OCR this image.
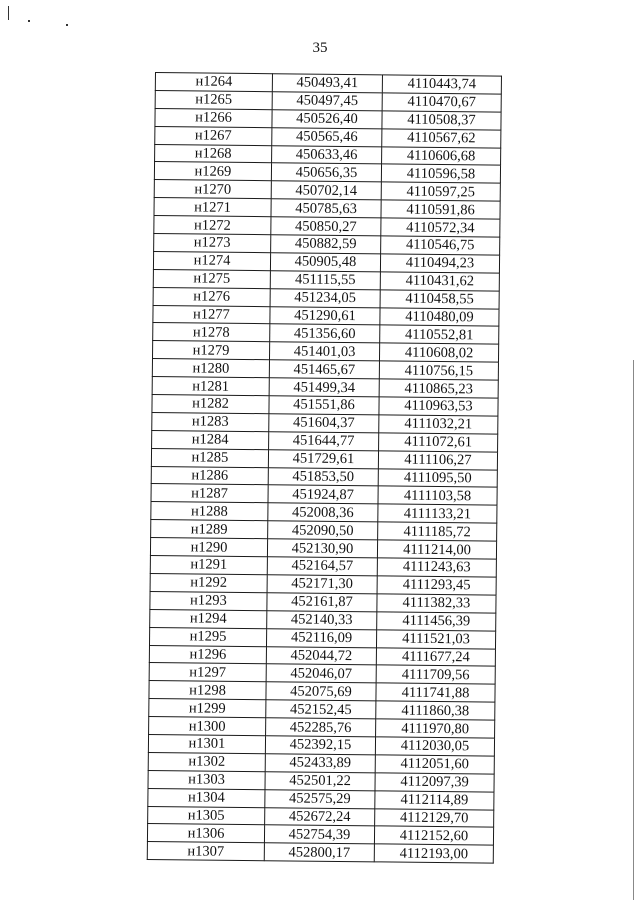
35
н1264	450493,41	4110443,74
н1265	450497,45	4110470,67
н1266	450526,40	4110508,37
н1267	450565,46	4110567,62
н1268	450633,46	4110606,68
н1269	450656,35	4110596,58
н1270	450702,14	4110597,25
н1271	450785,63	4110591,86
н1272	450850,27	4110572,34
н1273	450882,59	4110546,75
н1274	450905,48	4110494,23
н1275	451115,55	4110431,62
н1276	451234,05	4110458,55
н1277	451290,61	4110480,09
н1278	451356,60	4110552,81
н1279	451401,03	4110608,02
н1280	451465,67	4110756,15
н1281	451499,34	4110865,23
н1282	451551,86	4110963,53
н1283	451604,37	4111032,21
н1284	451644,77	4111072,61
н1285	451729,61	4111106,27
н1286	451853,50	4111095,50
н1287	451924,87	4111103,58
н1288	452008,36	4111133,21
н1289	452090,50	4111185,72
н1290	452130,90	4111214,00
н1291	452164,57	4111243,63
н1292	452171,30	4111293,45
н1293	452161,87	4111382,33
н1294	452140,33	4111456,39
н1295	452116,09	4111521,03
н1296	452044,72	4111677,24
н1297	452046,07	4111709,56
н1298	452075,69	4111741,88
н1299	452152,45	4111860,38
н1300	452285,76	4111970,80
н1301	452392,15	4112030,05
н1302	452433,89	4112051,60
н1303	452501,22	4112097,39
н1304	452575,29	4112114,89
н1305	452672,24	4112129,70
н1306	452754,39	4112152,60
н1307	452800,17	4112193,00
